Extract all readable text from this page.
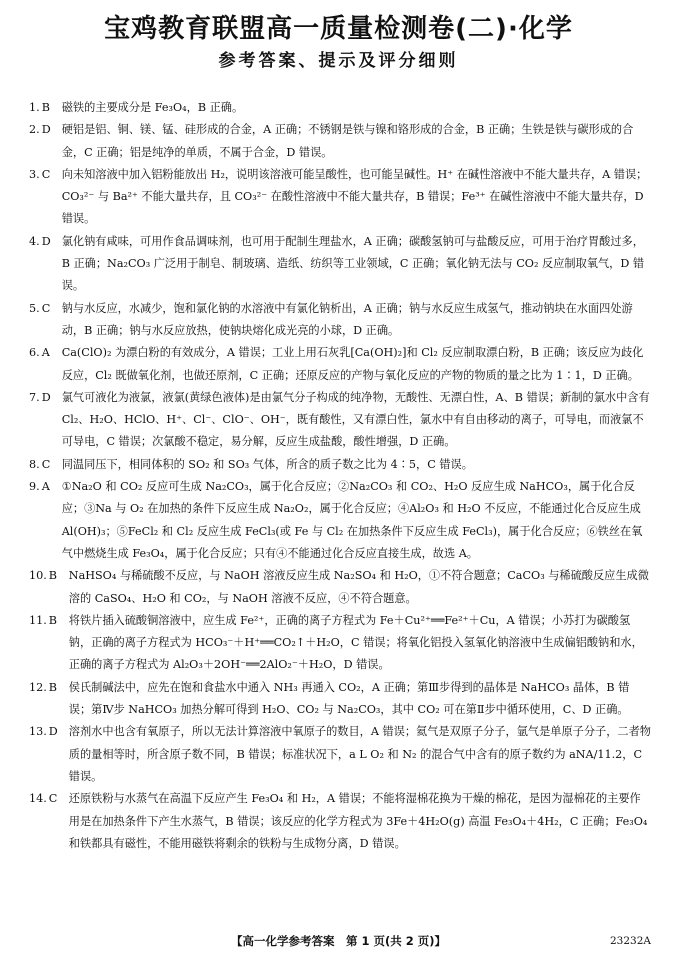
宝鸡教育联盟高一质量检测卷(二)·化学
参考答案、提示及评分细则
1. B	磁铁的主要成分是 Fe₃O₄，B 正确。
2. D 硬铝是铝、铜、镁、锰、硅形成的合金，A 正确；不锈钢是铁与镍和铬形成的合金，B 正确；生铁是铁与碳形成的合金，C 正确；铝是纯净的单质，不属于合金，D 错误。
3. C	向未知溶液中加入铝粉能放出 H₂，说明该溶液可能呈酸性，也可能呈碱性。H⁺ 在碱性溶液中不能大量共存，A 错误；CO₃²⁻ 与 Ba²⁺ 不能大量共存，且 CO₃²⁻ 在酸性溶液中不能大量共存，B 错误；Fe³⁺ 在碱性溶液中不能大量共存，D 错误。
4. D 氯化钠有咸味，可用作食品调味剂，也可用于配制生理盐水，A 正确；碳酸氢钠可与盐酸反应，可用于治疗胃酸过多，B 正确；Na₂CO₃ 广泛用于制皂、制玻璃、造纸、纺织等工业领域，C 正确；氧化钠无法与 CO₂ 反应制取氧气，D 错误。
5. C	钠与水反应，水减少，饱和氯化钠的水溶液中有氯化钠析出，A 正确；钠与水反应生成氢气，推动钠块在水面四处游动，B 正确；钠与水反应放热，使钠块熔化成光亮的小球，D 正确。
6. A	Ca(ClO)₂ 为漂白粉的有效成分，A 错误；工业上用石灰乳[Ca(OH)₂]和 Cl₂ 反应制取漂白粉，B 正确；该反应为歧化反应，Cl₂ 既做氧化剂，也做还原剂，C 正确；还原反应的产物与氧化反应的产物的物质的量之比为 1∶1，D 正确。
7. D 氯气可液化为液氯，液氯(黄绿色液体)是由氯气分子构成的纯净物，无酸性、无漂白性，A、B 错误；新制的氯水中含有 Cl₂、H₂O、HClO、H⁺、Cl⁻、ClO⁻、OH⁻，既有酸性，又有漂白性，氯水中有自由移动的离子，可导电，而液氯不可导电，C 错误；次氯酸不稳定，易分解，反应生成盐酸，酸性增强，D 正确。
8. C	同温同压下，相同体积的 SO₂ 和 SO₃ 气体，所含的质子数之比为 4∶5，C 错误。
9. A	①Na₂O 和 CO₂ 反应可生成 Na₂CO₃，属于化合反应；②Na₂CO₃ 和 CO₂、H₂O 反应生成 NaHCO₃，属于化合反应；③Na 与 O₂ 在加热的条件下反应生成 Na₂O₂，属于化合反应；④Al₂O₃ 和 H₂O 不反应，不能通过化合反应生成 Al(OH)₃；⑤FeCl₂ 和 Cl₂ 反应生成 FeCl₃(或 Fe 与 Cl₂ 在加热条件下反应生成 FeCl₃)，属于化合反应；⑥铁丝在氧气中燃烧生成 Fe₃O₄，属于化合反应；只有④不能通过化合反应直接生成，故选 A。
10. B	NaHSO₄ 与稀硫酸不反应，与 NaOH 溶液反应生成 Na₂SO₄ 和 H₂O，①不符合题意；CaCO₃ 与稀硫酸反应生成微溶的 CaSO₄、H₂O 和 CO₂，与 NaOH 溶液不反应，④不符合题意。
11. B	将铁片插入硫酸铜溶液中，应生成 Fe²⁺，正确的离子方程式为 Fe＋Cu²⁺══Fe²⁺＋Cu，A 错误；小苏打为碳酸氢钠，正确的离子方程式为 HCO₃⁻＋H⁺══CO₂↑＋H₂O，C 错误；将氧化铝投入氢氧化钠溶液中生成偏铝酸钠和水，正确的离子方程式为 Al₂O₃＋2OH⁻══2AlO₂⁻＋H₂O，D 错误。
12. B	侯氏制碱法中，应先在饱和食盐水中通入 NH₃ 再通入 CO₂，A 正确；第Ⅲ步得到的晶体是 NaHCO₃ 晶体，B 错误；第Ⅳ步 NaHCO₃ 加热分解可得到 H₂O、CO₂ 与 Na₂CO₃，其中 CO₂ 可在第Ⅱ步中循环使用，C、D 正确。
13. D 溶剂水中也含有氧原子，所以无法计算溶液中氧原子的数目，A 错误；氦气是双原子分子，氩气是单原子分子，二者物质的量相等时，所含原子数不同，B 错误；标准状况下，a L O₂ 和 N₂ 的混合气中含有的原子数约为 aNA/11.2，C 错误。
14. C	还原铁粉与水蒸气在高温下反应产生 Fe₃O₄ 和 H₂，A 错误；不能将湿棉花换为干燥的棉花，是因为湿棉花的主要作用是在加热条件下产生水蒸气，B 错误；该反应的化学方程式为 3Fe＋4H₂O(g) 高温 Fe₃O₄＋4H₂，C 正确；Fe₃O₄ 和铁都具有磁性，不能用磁铁将剩余的铁粉与生成物分离，D 错误。
【高一化学参考答案　第 1 页(共 2 页)】	23232A
